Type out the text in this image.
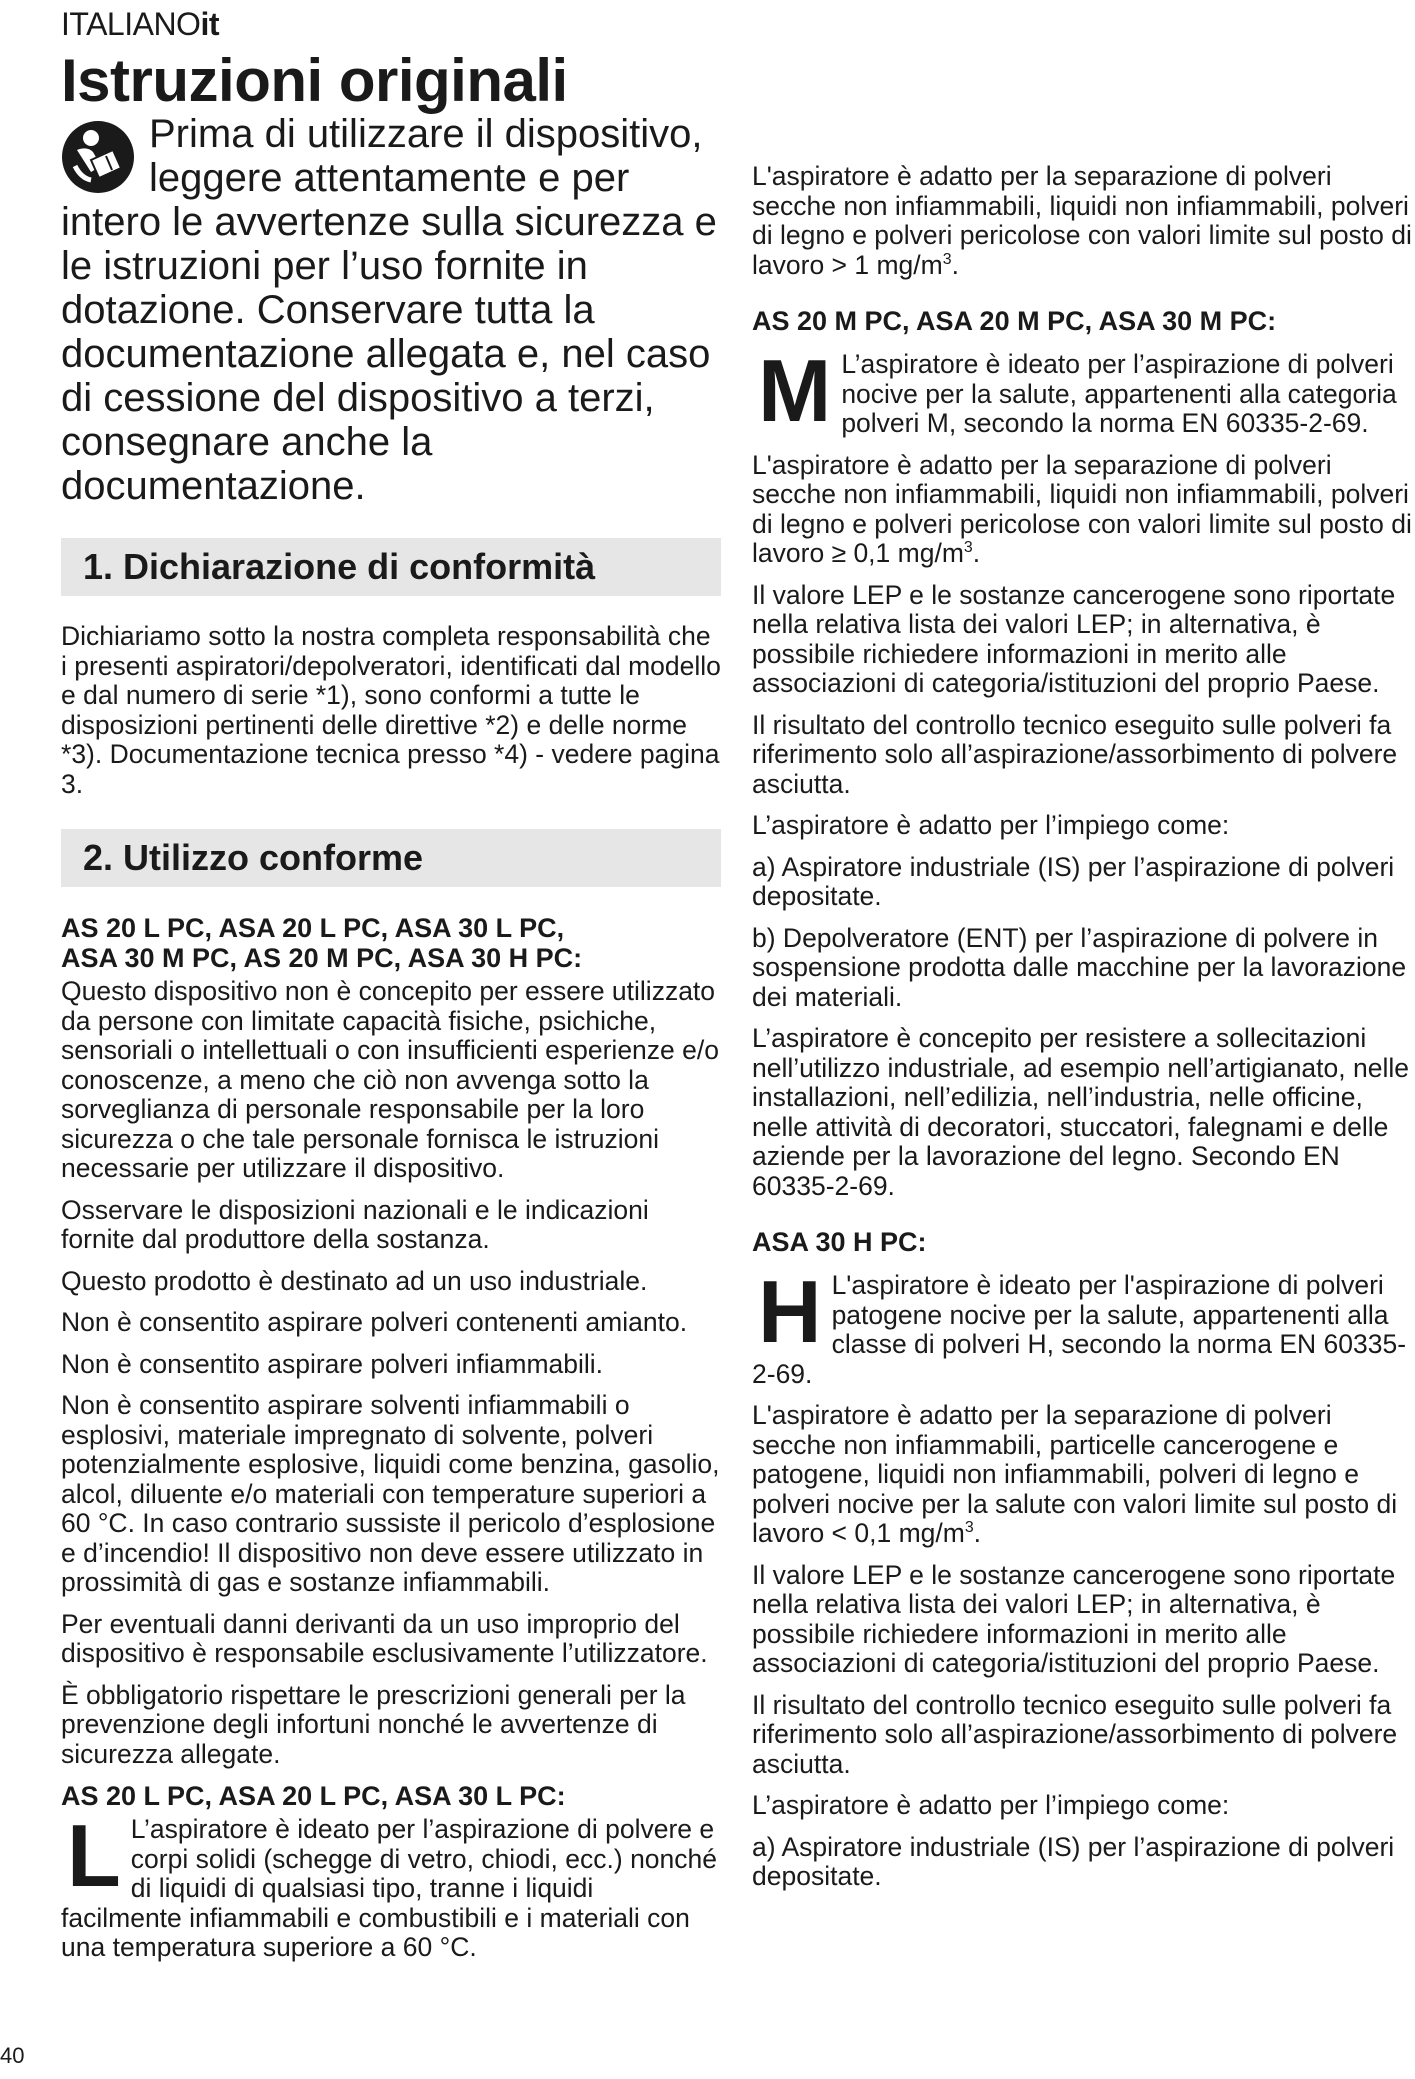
ITALIANOit
Istruzioni originali

Prima di utilizzare il dispositivo, leggere attentamente e per intero le avvertenze sulla sicurezza e le istruzioni per l’uso fornite in dotazione. Conservare tutta la documentazione allegata e, nel caso di cessione del dispositivo a terzi, consegnare anche la documentazione.

1. Dichiarazione di conformità

Dichiariamo sotto la nostra completa responsabilità che i presenti aspiratori/depolveratori, identificati dal modello e dal numero di serie *1), sono conformi a tutte le disposizioni pertinenti delle direttive *2) e delle norme *3). Documentazione tecnica presso *4) - vedere pagina 3.

2. Utilizzo conforme
AS 20 L PC, ASA 20 L PC, ASA 30 L PC,
ASA 30 M PC, AS 20 M PC, ASA 30 H PC:

Questo dispositivo non è concepito per essere utilizzato da persone con limitate capacità fisiche, psichiche, sensoriali o intellettuali o con insufficienti esperienze e/o conoscenze, a meno che ciò non avvenga sotto la sorveglianza di personale responsabile per la loro sicurezza o che tale personale fornisca le istruzioni necessarie per utilizzare il dispositivo.

Osservare le disposizioni nazionali e le indicazioni fornite dal produttore della sostanza.

Questo prodotto è destinato ad un uso industriale.

Non è consentito aspirare polveri contenenti amianto.

Non è consentito aspirare polveri infiammabili.

Non è consentito aspirare solventi infiammabili o esplosivi, materiale impregnato di solvente, polveri potenzialmente esplosive, liquidi come benzina, gasolio, alcol, diluente e/o materiali con temperature superiori a 60 °C. In caso contrario sussiste il pericolo d’esplosione e d’incendio! Il dispositivo non deve essere utilizzato in prossimità di gas e sostanze infiammabili.

Per eventuali danni derivanti da un uso improprio del dispositivo è responsabile esclusivamente l’utilizzatore.

È obbligatorio rispettare le prescrizioni generali per la prevenzione degli infortuni nonché le avvertenze di sicurezza allegate.

AS 20 L PC, ASA 20 L PC, ASA 30 L PC:

L L’aspiratore è ideato per l’aspirazione di polvere e corpi solidi (schegge di vetro, chiodi, ecc.) nonché di liquidi di qualsiasi tipo, tranne i liquidi facilmente infiammabili e combustibili e i materiali con una temperatura superiore a 60 °C.

L'aspiratore è adatto per la separazione di polveri secche non infiammabili, liquidi non infiammabili, polveri di legno e polveri pericolose con valori limite sul posto di lavoro > 1 $mg/m^3$.

AS 20 M PC, ASA 20 M PC, ASA 30 M PC:

M L’aspiratore è ideato per l’aspirazione di polveri nocive per la salute, appartenenti alla categoria polveri M, secondo la norma EN 60335-2-69.

L'aspiratore è adatto per la separazione di polveri secche non infiammabili, liquidi non infiammabili, polveri di legno e polveri pericolose con valori limite sul posto di lavoro ≥ 0,1 $mg/m^3$.

Il valore LEP e le sostanze cancerogene sono riportate nella relativa lista dei valori LEP; in alternativa, è possibile richiedere informazioni in merito alle associazioni di categoria/istituzioni del proprio Paese.

Il risultato del controllo tecnico eseguito sulle polveri fa riferimento solo all’aspirazione/assorbimento di polvere asciutta.

L’aspiratore è adatto per l’impiego come:

a) Aspiratore industriale (IS) per l’aspirazione di polveri depositate.

b) Depolveratore (ENT) per l’aspirazione di polvere in sospensione prodotta dalle macchine per la lavorazione dei materiali.

L’aspiratore è concepito per resistere a sollecitazioni nell’utilizzo industriale, ad esempio nell’artigianato, nelle installazioni, nell’edilizia, nell’industria, nelle officine, nelle attività di decoratori, stuccatori, falegnami e delle aziende per la lavorazione del legno. Secondo EN 60335-2-69.

ASA 30 H PC:

H L'aspiratore è ideato per l'aspirazione di polveri patogene nocive per la salute, appartenenti alla classe di polveri H, secondo la norma EN 60335-2-69.

L'aspiratore è adatto per la separazione di polveri secche non infiammabili, particelle cancerogene e patogene, liquidi non infiammabili, polveri di legno e polveri nocive per la salute con valori limite sul posto di lavoro < 0,1 $mg/m^3$.

Il valore LEP e le sostanze cancerogene sono riportate nella relativa lista dei valori LEP; in alternativa, è possibile richiedere informazioni in merito alle associazioni di categoria/istituzioni del proprio Paese.

Il risultato del controllo tecnico eseguito sulle polveri fa riferimento solo all’aspirazione/assorbimento di polvere asciutta.

L’aspiratore è adatto per l’impiego come:

a) Aspiratore industriale (IS) per l’aspirazione di polveri depositate.

40
